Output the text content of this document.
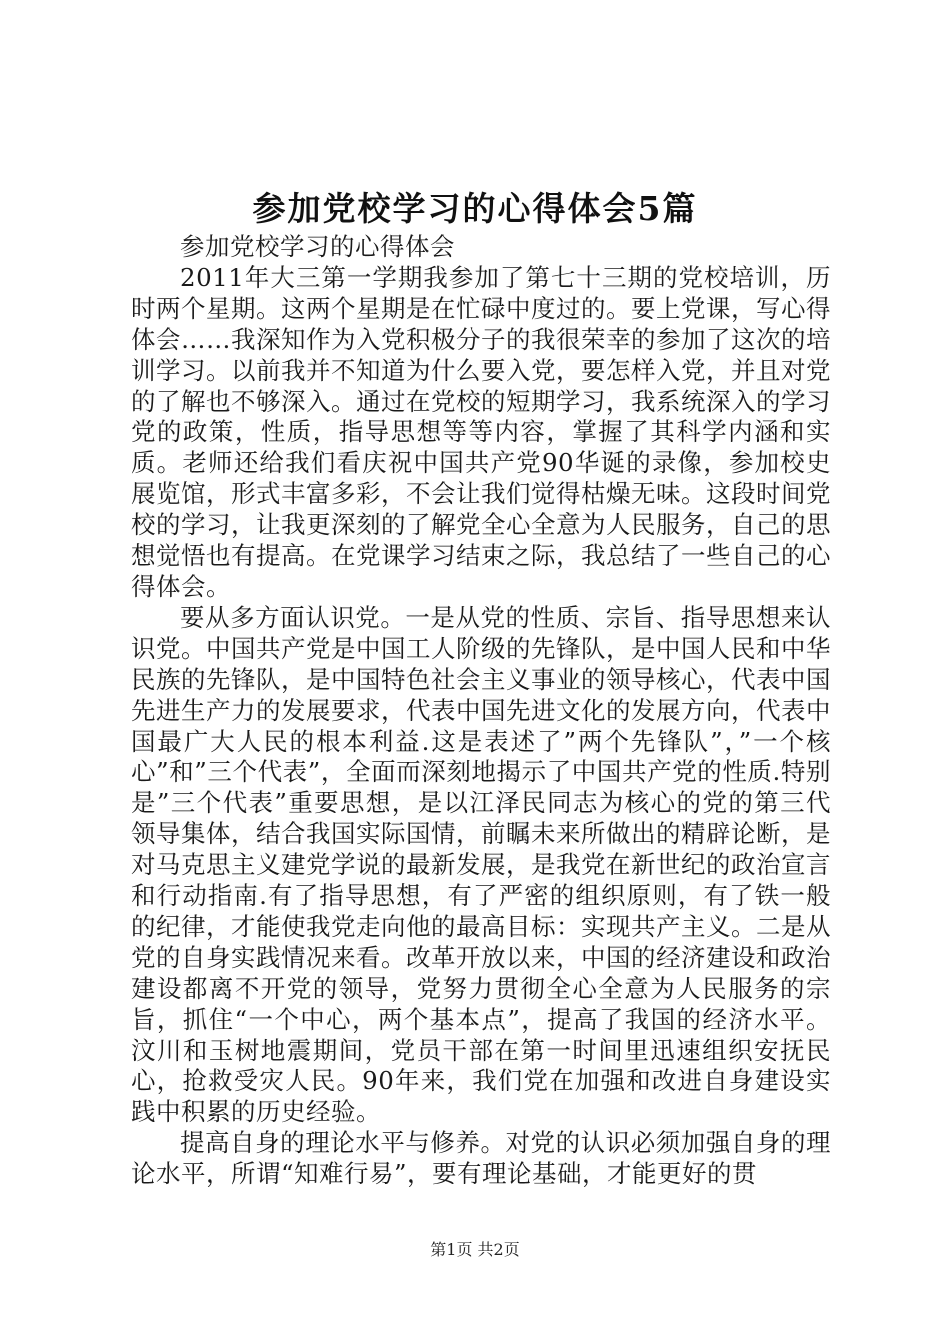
参加党校学习的心得体会5篇

参加党校学习的心得体会

2011年大三第一学期我参加了第七十三期的党校培训，历时两个星期。这两个星期是在忙碌中度过的。要上党课，写心得体会……我深知作为入党积极分子的我很荣幸的参加了这次的培训学习。以前我并不知道为什么要入党，要怎样入党，并且对党的了解也不够深入。通过在党校的短期学习，我系统深入的学习党的政策，性质，指导思想等等内容，掌握了其科学内涵和实质。老师还给我们看庆祝中国共产党90华诞的录像，参加校史展览馆，形式丰富多彩，不会让我们觉得枯燥无味。这段时间党校的学习，让我更深刻的了解党全心全意为人民服务，自己的思想觉悟也有提高。在党课学习结束之际，我总结了一些自己的心得体会。

要从多方面认识党。一是从党的性质、宗旨、指导思想来认识党。中国共产党是中国工人阶级的先锋队，是中国人民和中华民族的先锋队，是中国特色社会主义事业的领导核心，代表中国先进生产力的发展要求，代表中国先进文化的发展方向，代表中国最广大人民的根本利益.这是表述了”两个先锋队”，”一个核心”和”三个代表”，全面而深刻地揭示了中国共产党的性质.特别是”三个代表”重要思想，是以江泽民同志为核心的党的第三代领导集体，结合我国实际国情，前瞩未来所做出的精辟论断，是对马克思主义建党学说的最新发展，是我党在新世纪的政治宣言和行动指南.有了指导思想，有了严密的组织原则，有了铁一般的纪律，才能使我党走向他的最高目标：实现共产主义。二是从党的自身实践情况来看。改革开放以来，中国的经济建设和政治建设都离不开党的领导，党努力贯彻全心全意为人民服务的宗旨，抓住“一个中心，两个基本点”，提高了我国的经济水平。汶川和玉树地震期间，党员干部在第一时间里迅速组织安抚民心，抢救受灾人民。90年来，我们党在加强和改进自身建设实践中积累的历史经验。

提高自身的理论水平与修养。对党的认识必须加强自身的理论水平，所谓“知难行易”，要有理论基础，才能更好的贯

第1页 共2页
